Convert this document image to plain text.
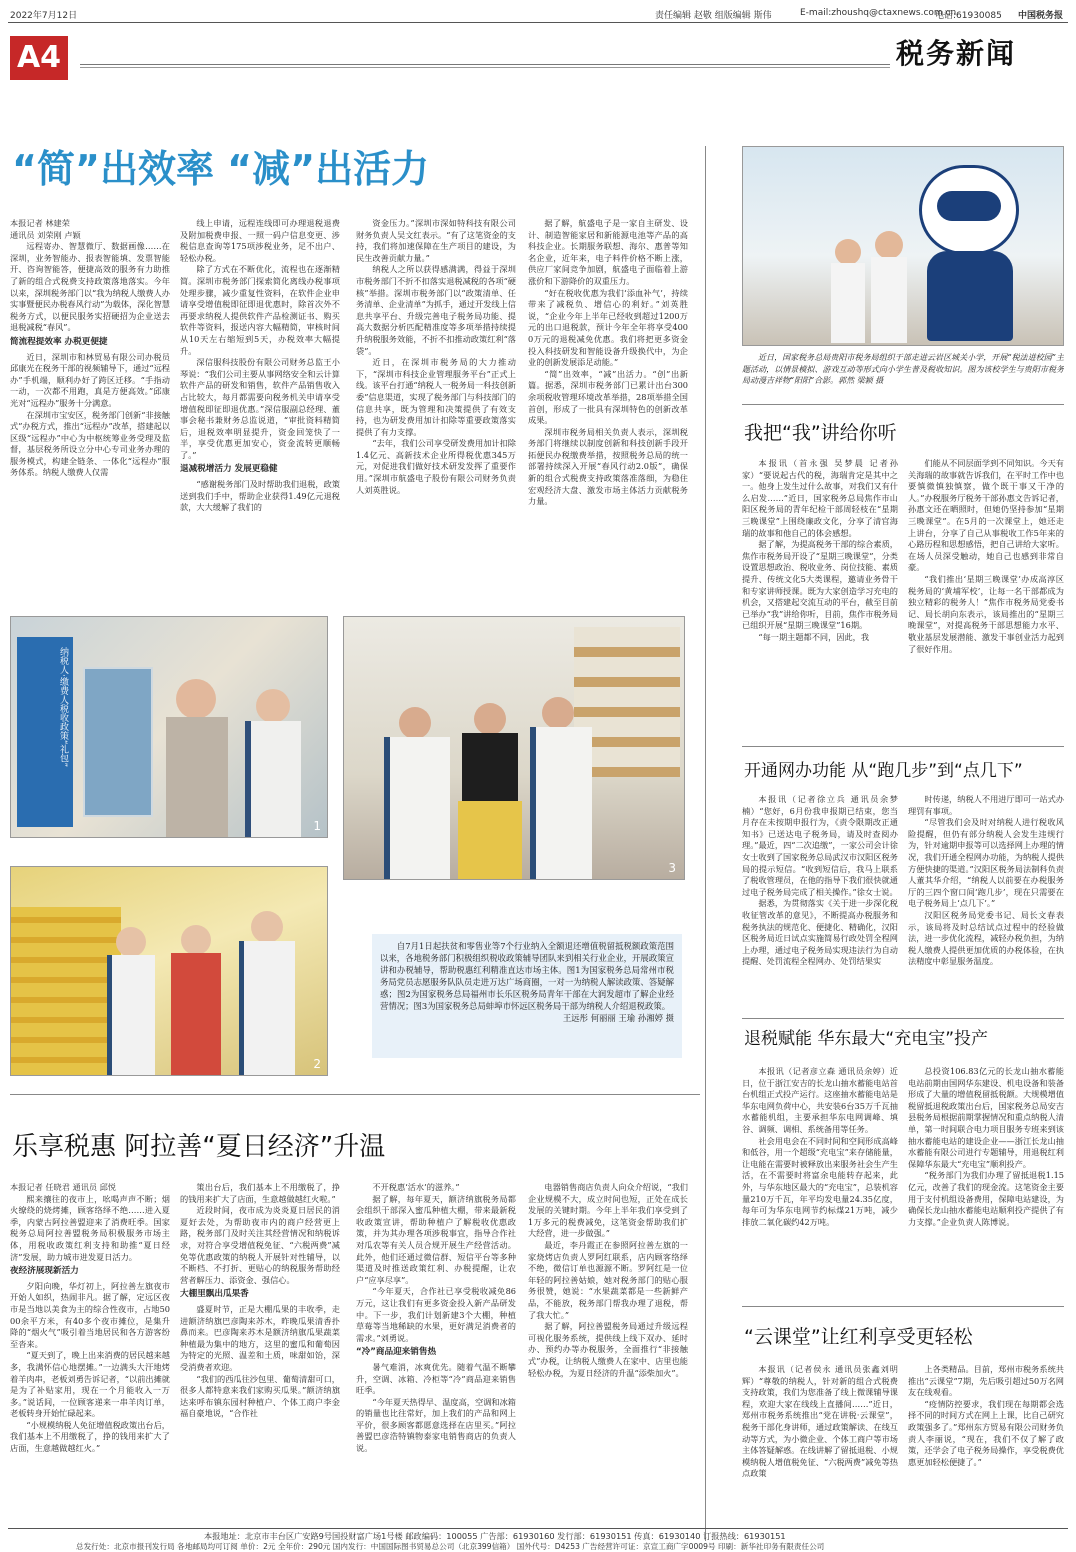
2022年7月12日	责任编辑 赵敬 组版编辑 斯伟	E-mail:zhoushq@ctaxnews.com.cn
电话:61930085 中国税务报
A4	税务新闻
“简”出效率 “减”出活力
本报记者 林建荣
通讯员 刘荣刚 卢颖

远程寄办、智慧微厅、数据画像……在深圳，业务智能办、报表智能填、发票智能开、咨询智能答，便捷高效的服务有力助推了新的组合式税费支持政策落地落实。今年以来，深圳税务部门以“我为纳税人缴费人办实事暨便民办税春风行动”为载体，深化智慧税务方式，以便民服务实招硬招为企业送去退税减税“春风”。

简流程提效率 办税更便捷

近日，深圳市和林贸易有限公司办税员邱康光在税务干部的视频辅导下，通过“远程办”手机端，顺利办好了跨区迁移。“手指动一动，一次都不用跑，真是方便高效。”邱康光对“远程办”服务十分满意。

在深圳市宝安区，税务部门创新“非接触式”办税方式，推出“远程办”改革，搭建起以区级“远程办”中心为中枢统筹业务受理及监督，基层税务所设立分中心专司业务办理的服务模式，构建全链条、一体化“远程办”服务体系。纳税人缴费人仅需

线上申请，远程连线即可办理退税退费及附加税费申报、一照一码户信息变更、涉税信息查询等175项涉税业务，足不出户、轻松办税。

除了方式在不断优化，流程也在逐渐精简。深圳市税务部门探索简化离线办税事项处理步骤，减少重复性资料，在软件企业申请享受增值税即征即退优惠时，除首次外不再要求纳税人提供软件产品检测证书、购买软件等资料，报送内容大幅精简，审核时间从10天左右缩短到5天，办税效率大幅提升。

深信服科技股份有限公司财务总监王小琴说：“我们公司主要从事网络安全和云计算软件产品的研发和销售，软件产品销售收入占比较大，每月都需要向税务机关申请享受增值税即征即退优惠。”深信服副总经理、董事会秘书兼财务总监说道，“审批资料精简后，退税效率明显提升，资金回笼快了一半，享受优惠更加安心，资金流转更顺畅了。”

退减税增活力 发展更稳健

“感谢税务部门及时帮助我们退税，政策送到我们手中，帮助企业获得1.49亿元退税款，大大缓解了我们的

资金压力。”深圳市深如特科技有限公司财务负责人吴文红表示。“有了这笔资金的支持，我们将加速保障在生产项目的建设，为民生改善贡献力量。”

纳税人之所以获得感满满，得益于深圳市税务部门不折不扣落实退税减税的各项“硬核”举措。深圳市税务部门以“政策清单、任务清单、企业清单”为抓手，通过开发线上信息共享平台、升级完善电子税务局功能、提高大数据分析匹配精准度等多项举措持续提升纳税服务效能，不折不扣推动政策红利“落袋”。

近日，在深圳市税务局的大力推动下，“深圳市科技企业管理服务平台”正式上线。该平台打通“纳税人一税务局一科技创新委”信息渠道，实现了税务部门与科技部门的信息共享，既为管理和决策提供了有效支持，也为研发费用加计扣除等重要政策落实提供了有力支撑。

“去年，我们公司享受研发费用加计扣除1.4亿元、高新技术企业所得税优惠345万元，对促进我们做好技术研发发挥了重要作用。”深圳市航盛电子股份有限公司财务负责人刘英胜说。

据了解，航盛电子是一家自主研发、设计、制造智能家居和新能源电池等产品的高科技企业。长期服务联想、海尔、惠普等知名企业，近年来，电子料件价格不断上涨，供应厂家间竞争加剧，航盛电子面临着上游涨价和下游降价的双重压力。

“好在税收优惠为我们‘添血补气’，持续带来了减税负、增信心的利好。”刘英胜说，“企业今年上半年已经收到超过1200万元的出口退税款，预计今年全年将享受4000万元的退税减免优惠。我们将把更多资金投入科技研发和智能设备升级换代中，为企业的创新发展添足动能。”

“简”出效率，“减”出活力。“创”出新篇。据悉，深圳市税务部门已累计出台300余项税收管理环境改革举措，28项举措全国首创，形成了一批具有深圳特色的创新改革成果。

深圳市税务局相关负责人表示，深圳税务部门将继续以制度创新和科技创新手段开拓便民办税缴费举措，按照税务总局的统一部署持续深入开展“春风行动2.0版”，确保新的组合式税费支持政策落准落细，为稳住宏观经济大盘、激发市场主体活力贡献税务力量。

纳税人·缴费人税收政策“礼包”
1
2
3
自7月1日起扶贫和零售业等7个行业纳入全额退还增值税留抵税额政策范围以来，各地税务部门积极组织税收政策辅导团队来到相关行业企业，开展政策宣讲和办税辅导，帮助税惠红利精准直达市场主体。图1为国家税务总局常州市税务局党员志愿服务队队员走进万达广场商圈，一对一为纳税人解读政策、答疑解惑；图2为国家税务总局福州市长乐区税务局青年干部在大润发超市了解企业经营情况；图3为国家税务总局蚌埠市怀远区税务局干部为纳税人介绍退税政策。
王远彤 何丽丽 王瑜 孙湘婷 摄
乐享税惠 阿拉善“夏日经济”升温
本报记者 任晓君 通讯员 邱悦

熙来攘往的夜市上，吆喝声声不断；烟火缭绕的烧烤摊，顾客络绎不绝……进入夏季，内蒙古阿拉善盟迎来了消费旺季。国家税务总局阿拉善盟税务局积极服务市场主体，用税收政策红利支持和助推“夏日经济”发展，助力城市进发夏日活力。

夜经济展现新活力

夕阳向晚，华灯初上，阿拉善左旗夜市开始人如织，热闹非凡。据了解，定远区夜市是当地以美食为主的综合性夜市，占地5000余平方米，有40多个夜市摊位，是集升降的“烟火气”吸引着当地居民和各方游客纷至沓来。

“夏天到了，晚上出来消费的居民越来越多，我满怀信心地摆摊。”一边满头大汗地烤着羊肉串，老板刘勇告诉记者，“以前出摊就是为了补贴家用，现在一个月能收入一万多。”说话间，一位顾客递来一串羊肉订单，老板转身开始忙碌起来。

“小规模纳税人免征增值税政策出台后，我们基本上不用缴税了，挣的钱用来扩大了店面，生意越做越红火。”

策出台后，我们基本上不用缴税了，挣的钱用来扩大了店面，生意越做越红火啦。”

近段时间，夜市成为炎炎夏日居民的消夏好去处，为帮助夜市内的商户经营更上路，税务部门及时关注其经营情况和纳税诉求，对符合享受增值税免征、“六税两费”减免等优惠政策的纳税人开展针对性辅导，以不断档、不打折、更贴心的纳税服务帮助经营者解压力、添资金、强信心。

大棚里飘出瓜果香

盛夏时节，正是大棚瓜果的丰收季，走进额济纳旗巴彦陶来苏木，昨晚瓜果清香扑鼻而来。巴彦陶来苏木是额济纳旗瓜果蔬菜种植最为集中的地方，这里的蜜瓜和葡萄因为特定的光照、温差和土质，味甜如饴，深受消费者欢迎。

“我们的西瓜往沙包里、葡萄清甜可口，很多人都特意来我们家购买瓜果。”额济纳旗达来呼布镇东园村种植户、个体工商户李金福自豪地说，“合作社

不开税惠‘活水’的滋养。”

据了解，每年夏天，额济纳旗税务局都会组织干部深入蜜瓜种植大棚，带来最新税收政策宣讲，帮助种植户了解税收优惠政策，并为其办理各项涉税事宜，指导合作社对瓜农等有关人员合规开展生产经营活动。此外，他们还通过微信群、短信平台等多种渠道及时推送政策红利、办税提醒，让农户“应享尽享”。

“今年夏天，合作社已享受税收减免86万元，这让我们有更多资金投入新产品研发中。下一步，我们计划新建3个大棚，种植草莓等当地稀缺的水果，更好满足消费者的需求。”刘勇说。

“冷”商品迎来销售热

暑气难消，冰爽优先。随着气温不断攀升，空调、冰箱、冷柜等“冷”商品迎来销售旺季。

“今年夏天热得早、温度高，空调和冰箱的销量也比往常好，加上我们的产品和网上平价，很多顾客都愿意选择在店里买。”阿拉善盟巴彦浩特镇物泰家电销售商店的负责人说。

电器销售商店负责人向众介绍说，“我们企业规模不大，成立时间也短，正处在成长发展的关键时期。今年上半年我们享受到了1万多元的税费减免，这笔资金帮助我们扩大经营，进一步做强。”

最近，李丹霞正在参照阿拉善左旗的一家烧烤店负责人罗阿红联系，店内顾客络绎不绝，微信订单也源源不断。罗阿红是一位年轻的阿拉善姑娘，她对税务部门的贴心服务很赞，她说：“水果蔬菜都是一些新鲜产品，不能放，税务部门帮我办理了退税，帮了我大忙。”

据了解，阿拉善盟税务局通过升级远程可视化服务系统，提供线上线下双办、延时办、预约办等办税服务，全面推行“非接触式”办税，让纳税人缴费人在家中、店里也能轻松办税，为夏日经济的升温“添柴加火”。

近日，国家税务总局贵阳市税务局组织干部走进云岩区城关小学，开展“税法进校园”主题活动，以情景模拟、游戏互动等形式向小学生普及税收知识。图为该校学生与贵阳市税务局动漫吉祥物“阳阳”合影。郭然 梁颖 摄
我把“我”讲给你听

本报讯（首永强 吴梦晨 记者孙家）“要说起古代的税，海瑞肯定是其中之一。他身上发生过什么故事，对我们又有什么启发……”近日，国家税务总局焦作市山阳区税务局的青年纪检干部周轻枝在“星期三晚课堂”上围绕廉政文化，分享了清官海瑞的故事和他自己的体会感想。

据了解，为提高税务干部的综合素质，焦作市税务局开设了“星期三晚课堂”，分类设置思想政治、税收业务、岗位技能、素质提升、传统文化5大类课程，邀请业务骨干和专家讲师授课。既为大家创造学习充电的机会，又搭建起交流互动的平台，截至目前已举办“我”讲给你听，目前，焦作市税务局已组织开展“星期三晚课堂”16期。

“每一期主题都不同，因此，我

们能从不同层面学到不同知识。今天有关海瑞的故事就告诉我们，在平时工作中也要慎微慎独慎察，做个既干事又干净的人。”办税服务厅税务干部孙惠文告诉记者，孙惠文还在晒照时，但她仍坚持参加“星期三晚课堂”。在5月的一次课堂上，她还走上讲台，分享了自己从事税收工作5年来的心路历程和思想感悟，把自己讲给大家听。在场人员深受触动，她自己也感到非常自豪。

“我们推出‘星期三晚课堂’办成高淳区税务局的‘黄埔军校’，让每一名干部都成为独立精彩的税务人！”焦作市税务局党委书记、局长胡向东表示，该局推出的“星期三晚课堂”，对提高税务干部思想能力水平、敬业基层发展潜能、激发干事创业活力起到了很好作用。

开通网办功能 从“跑几步”到“点几下”

本报讯（记者徐立兵 通讯员余梦楠）“您好，6月份我申报期已结束，您当月存在未按期申报行为，《责令限期改正通知书》已送达电子税务局，请及时查阅办理。”最近，四“二次追缴”，一家公司会计徐女士收到了国家税务总局武汉市汉阳区税务局的提示短信。“收到短信后，我马上联系了税收管理员，在他的指导下我们很快就通过电子税务局完成了相关操作。”徐女士说。

据悉，为贯彻落实《关于进一步深化税收征管改革的意见》，不断提高办税服务和税务执法的规范化、便捷化、精确化，汉阳区税务局近日试点实施简易行政处罚全程网上办理，通过电子税务局实现违法行为自动提醒、处罚流程全程网办、处罚结果实

时传递，纳税人不用进厅即可一站式办理罚有事项。

“尽管我们会及时对纳税人进行税收风险提醒，但仍有部分纳税人会发生违规行为，针对逾期申报等可以选择网上办理的情况，我们开通全程网办功能，为纳税人提供方便快捷的渠道。”汉阳区税务局法制科负责人董其华介绍，“纳税人以前要在办税服务厅的三四个窗口间‘跑几步’，现在只需要在电子税务局上‘点几下’。”

汉阳区税务局党委书记、局长文春表示，该局将及时总结试点过程中的经验做法，进一步优化流程，减轻办税负担，为纳税人缴费人提供更加优质的办税体验，在执法精度中彰显服务温度。

退税赋能 华东最大“充电宝”投产

本报讯（记者彦立森 通讯员余婷）近日，位于浙江安吉的长龙山抽水蓄能电站首台机组正式投产运行。这座抽水蓄能电站是华东电网负荷中心，共安装6台35万千瓦抽水蓄能机组，主要承担华东电网调峰、填谷、调频、调相、系统备用等任务。

社会用电会在不同时间和空间形成高峰和低谷，用一个超级“充电宝”来存储能量，让电能在需要时被释放出来服务社会生产生活，在不需要时将富余电能转存起来，此外，与华东地区最大的“充电宝”，总装机容量210万千瓦，年平均发电量24.35亿度，每年可为华东电网节约标煤21万吨，减少排放二氧化碳约42万吨。

总投资106.83亿元的长龙山抽水蓄能电站前期由国网华东建设、机电设备和装备形成了大量的增值税留抵税额。大规模增值税留抵退税政策出台后，国家税务总局安吉县税务局根据前期掌握情况和重点纳税人清单，第一时间联合电力项目服务专班来到该抽水蓄能电站的建设企业——浙江长龙山抽水蓄能有限公司进行专题辅导，用退税红利保障华东最大“充电宝”顺利投产。

“税务部门为我们办理了留抵退税1.15亿元，改善了我们的现金流。这笔资金主要用于支付机组设备费用，保障电站建设，为确保长龙山抽水蓄能电站顺利投产提供了有力支撑。”企业负责人陈博说。

“云课堂”让红利享受更轻松

本报讯（记者侯永 通讯员张鑫刘明辉）“尊敬的纳税人，针对新的组合式税费支持政策，我们为您准备了线上微课辅导课程，欢迎大家在线线上直播间……”近日，郑州市税务系统推出“党在讲税·云课堂”，税务干部化身讲师，通过政策解读、在线互动等方式，为小微企业、个体工商户等市场主体答疑解惑。在线讲解了留抵退税、小规模纳税人增值税免征、“六税两费”减免等热点政策

上各类精品。目前，郑州市税务系统共推出“云课堂”7期，先后吸引超过50万名网友在线观看。

“疫情防控要求，我们现在每期都会选择不同的时间方式在网上上课，比自己研究政策强多了。”郑州东方贸易有限公司财务负责人李丽说，“现在，我们不仅了解了政策，还学会了电子税务局操作，享受税费优惠更加轻松便捷了。”

本报地址：北京市丰台区广安路9号国投财富广场1号楼 邮政编码：100055 广告部：61930160 发行部：61930151 传真：61930140 订报热线：61930151
总发行处：北京市报刊发行局 各地邮局均可订阅 单价：2元 全年价：290元 国内发行：中国国际图书贸易总公司（北京399信箱） 国外代号：D4253 广告经营许可证：京宣工商广字0009号 印刷：新华社印务有限责任公司
